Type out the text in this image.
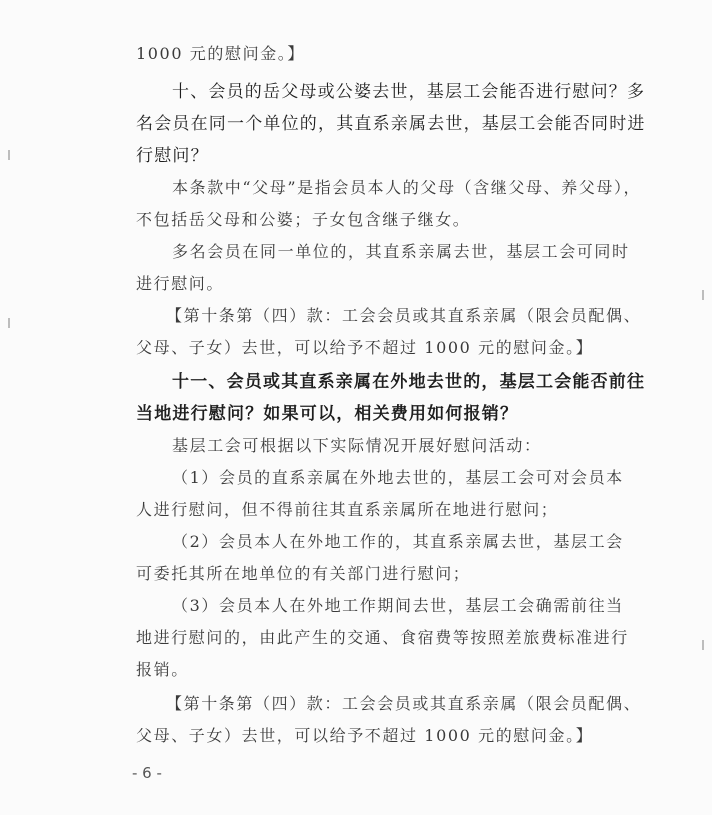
1000 元的慰问金。】
十、会员的岳父母或公婆去世，基层工会能否进行慰问？多
名会员在同一个单位的，其直系亲属去世，基层工会能否同时进
行慰问？
本条款中“父母”是指会员本人的父母（含继父母、养父母），
不包括岳父母和公婆；子女包含继子继女。
多名会员在同一单位的，其直系亲属去世，基层工会可同时
进行慰问。
【第十条第（四）款：工会会员或其直系亲属（限会员配偶、
父母、子女）去世，可以给予不超过 1000 元的慰问金。】
十一、会员或其直系亲属在外地去世的，基层工会能否前往
当地进行慰问？如果可以，相关费用如何报销？
基层工会可根据以下实际情况开展好慰问活动：
（1）会员的直系亲属在外地去世的，基层工会可对会员本
人进行慰问，但不得前往其直系亲属所在地进行慰问；
（2）会员本人在外地工作的，其直系亲属去世，基层工会
可委托其所在地单位的有关部门进行慰问；
（3）会员本人在外地工作期间去世，基层工会确需前往当
地进行慰问的，由此产生的交通、食宿费等按照差旅费标准进行
报销。
【第十条第（四）款：工会会员或其直系亲属（限会员配偶、
父母、子女）去世，可以给予不超过 1000 元的慰问金。】
- 6 -
